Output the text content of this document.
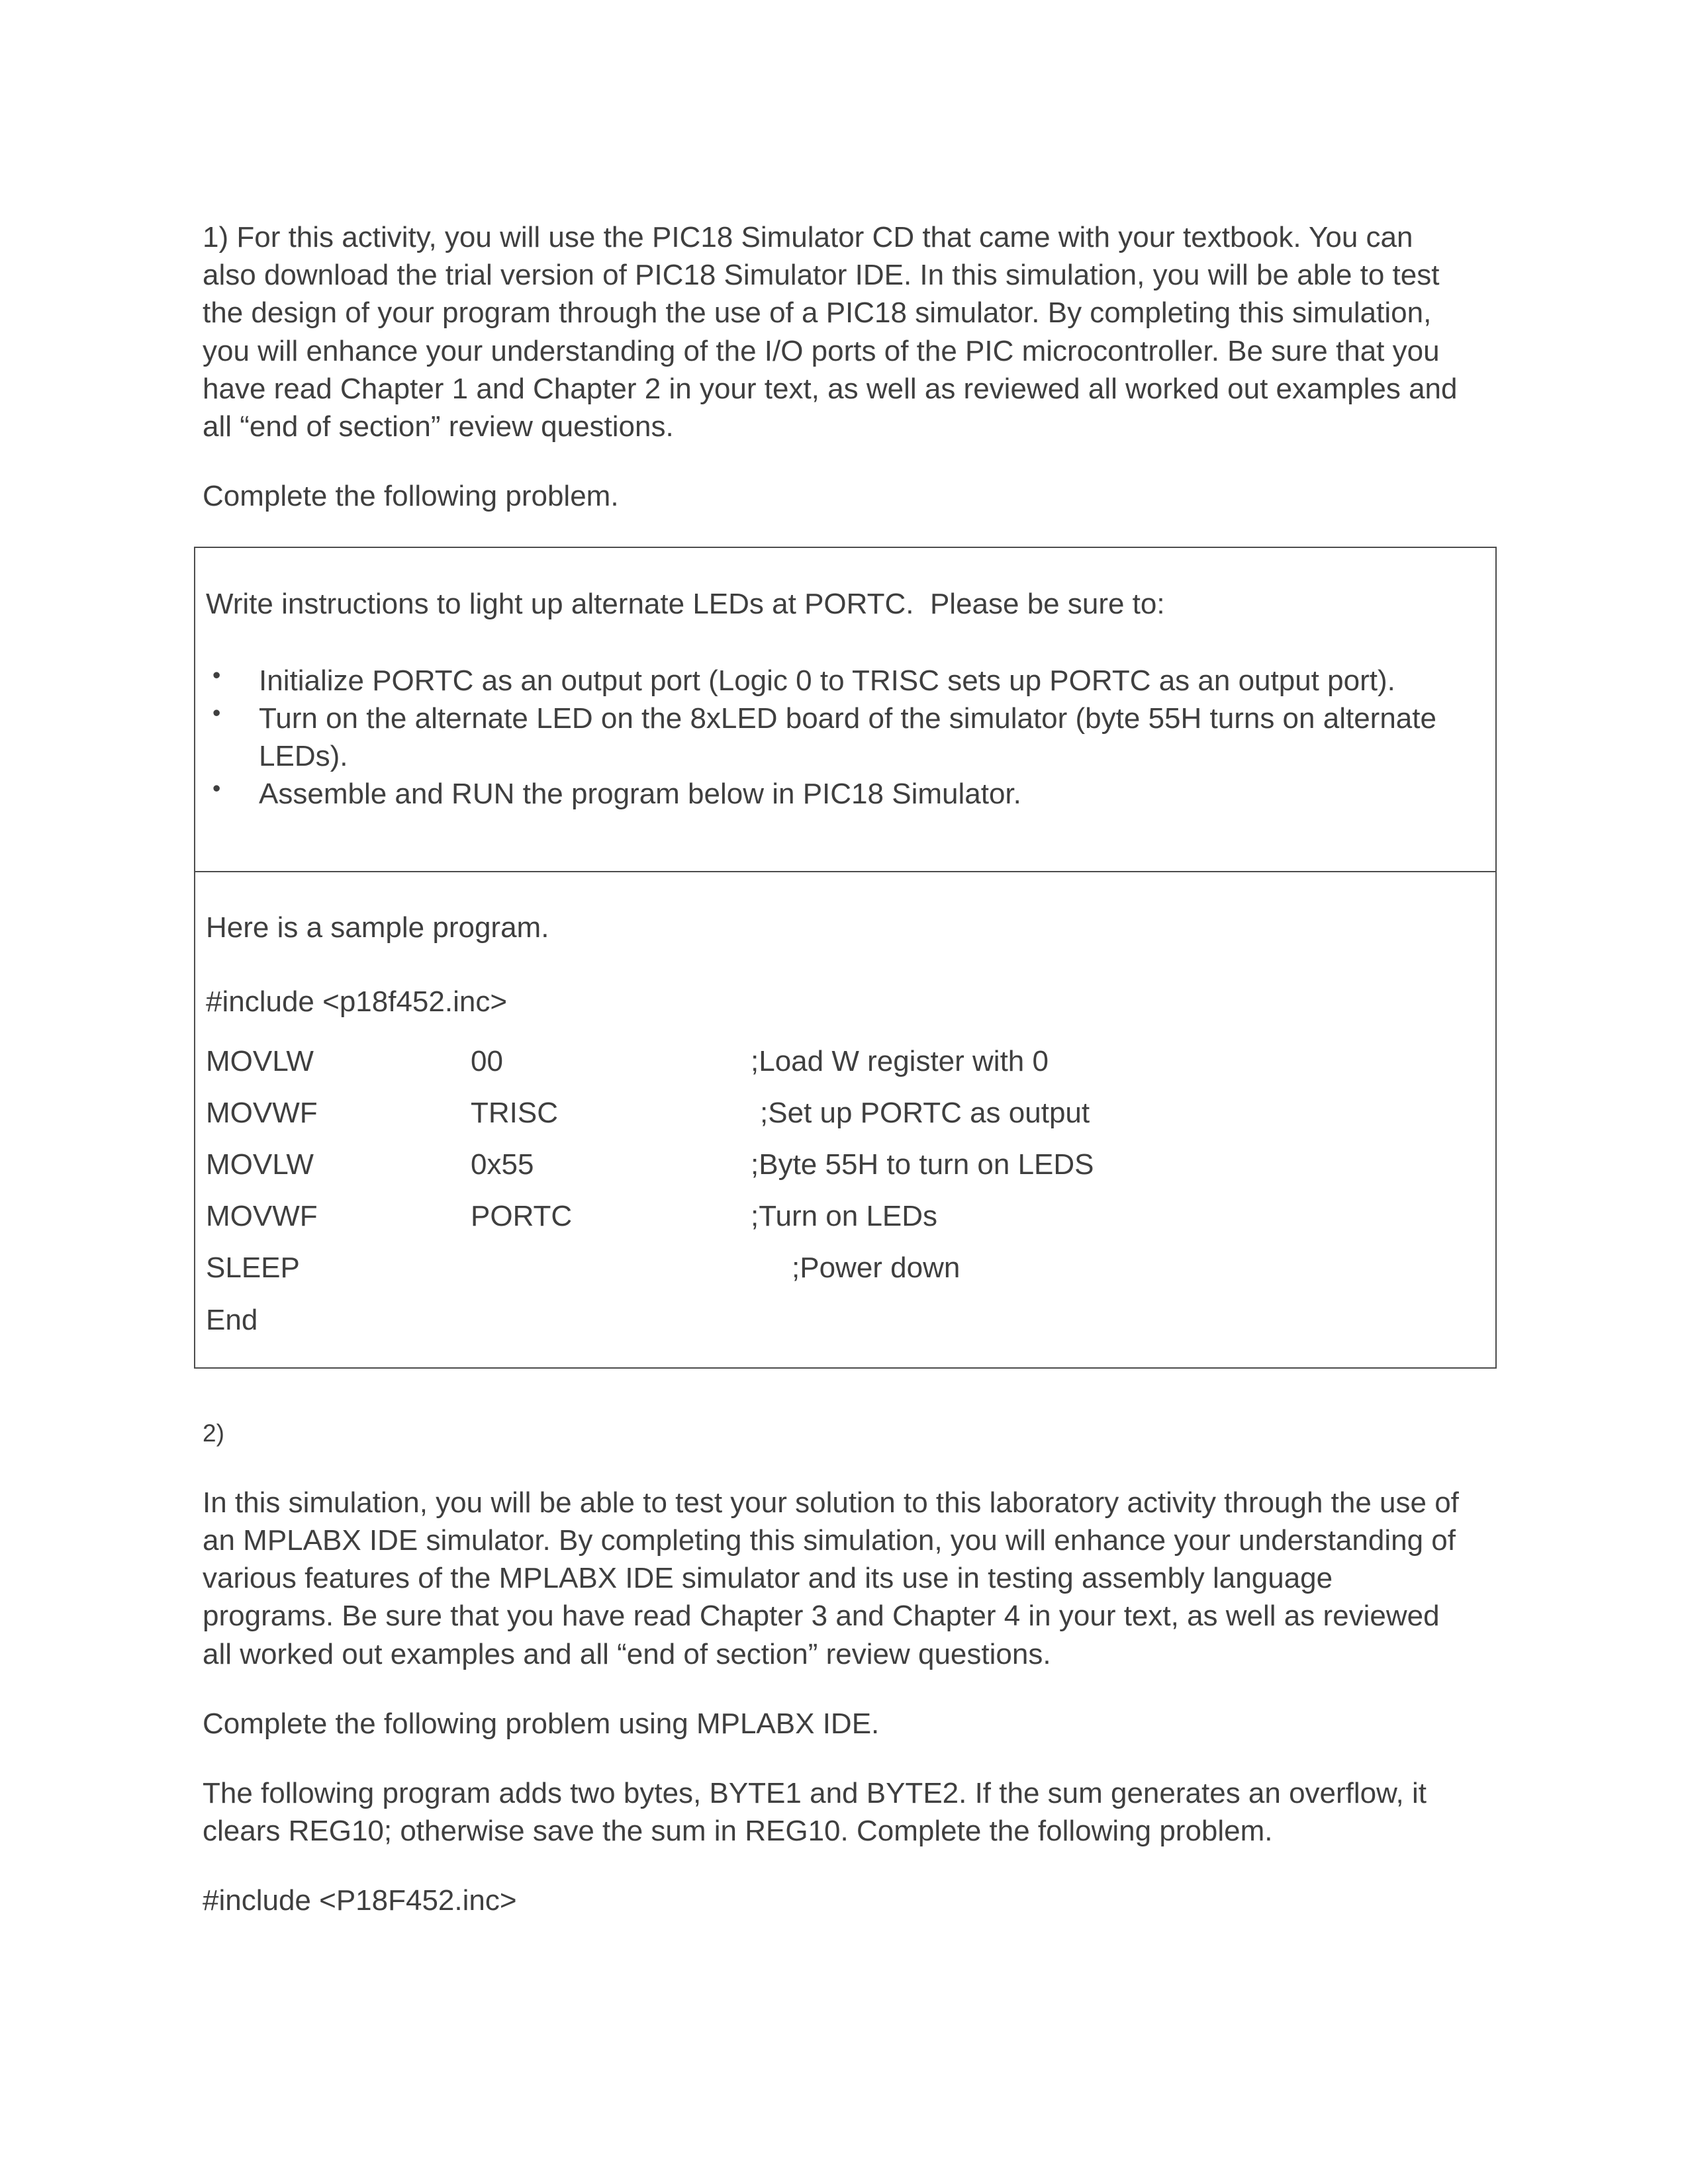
1) For this activity, you will use the PIC18 Simulator CD that came with your textbook. You can also download the trial version of PIC18 Simulator IDE. In this simulation, you will be able to test the design of your program through the use of a PIC18 simulator. By completing this simulation, you will enhance your understanding of the I/O ports of the PIC microcontroller. Be sure that you have read Chapter 1 and Chapter 2 in your text, as well as reviewed all worked out examples and all “end of section” review questions.

Complete the following problem.

Write instructions to light up alternate LEDs at PORTC.  Please be sure to:

• Initialize PORTC as an output port (Logic 0 to TRISC sets up PORTC as an output port).
• Turn on the alternate LED on the 8xLED board of the simulator (byte 55H turns on alternate LEDs).
• Assemble and RUN the program below in PIC18 Simulator.

Here is a sample program.

#include <p18f452.inc>

MOVLW	00	;Load W register with 0
MOVWF	TRISC	;Set up PORTC as output
MOVLW	0x55	;Byte 55H to turn on LEDS
MOVWF	PORTC	;Turn on LEDs
SLEEP	;Power down
End

2)

In this simulation, you will be able to test your solution to this laboratory activity through the use of an MPLABX IDE simulator. By completing this simulation, you will enhance your understanding of various features of the MPLABX IDE simulator and its use in testing assembly language programs. Be sure that you have read Chapter 3 and Chapter 4 in your text, as well as reviewed all worked out examples and all “end of section” review questions.

Complete the following problem using MPLABX IDE.

The following program adds two bytes, BYTE1 and BYTE2. If the sum generates an overflow, it clears REG10; otherwise save the sum in REG10. Complete the following problem.

#include <P18F452.inc>
